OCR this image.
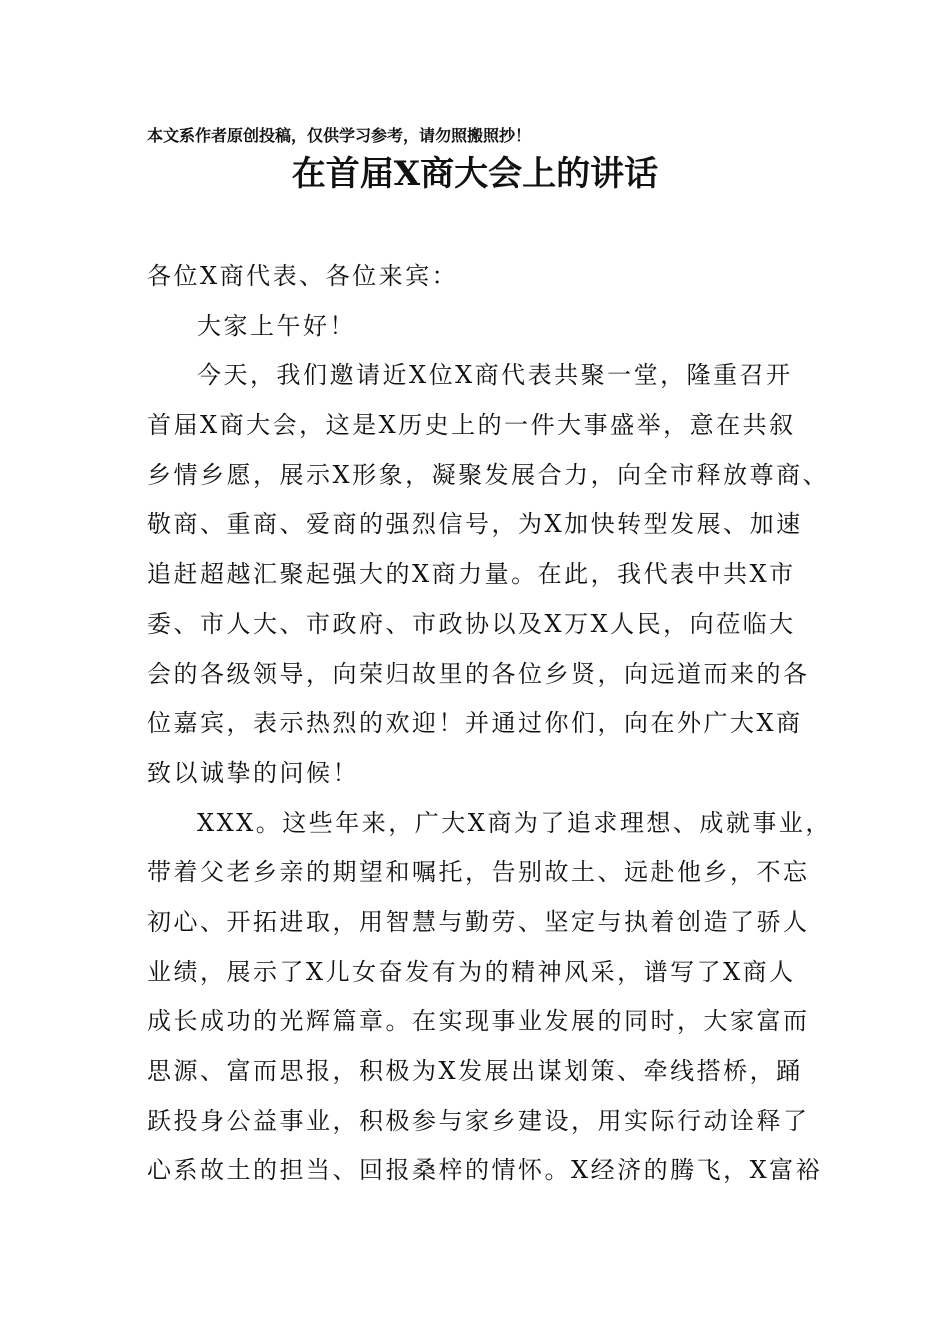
本文系作者原创投稿，仅供学习参考，请勿照搬照抄！
在首届X商大会上的讲话
各位X商代表、各位来宾：
大家上午好！
今天，我们邀请近X位X商代表共聚一堂，隆重召开
首届X商大会，这是X历史上的一件大事盛举，意在共叙
乡情乡愿，展示X形象，凝聚发展合力，向全市释放尊商、
敬商、重商、爱商的强烈信号，为X加快转型发展、加速
追赶超越汇聚起强大的X商力量。在此，我代表中共X市
委、市人大、市政府、市政协以及X万X人民，向莅临大
会的各级领导，向荣归故里的各位乡贤，向远道而来的各
位嘉宾，表示热烈的欢迎！并通过你们，向在外广大X商
致以诚挚的问候！
XXX。这些年来，广大X商为了追求理想、成就事业，
带着父老乡亲的期望和嘱托，告别故土、远赴他乡，不忘
初心、开拓进取，用智慧与勤劳、坚定与执着创造了骄人
业绩，展示了X儿女奋发有为的精神风采，谱写了X商人
成长成功的光辉篇章。在实现事业发展的同时，大家富而
思源、富而思报，积极为X发展出谋划策、牵线搭桥，踊
跃投身公益事业，积极参与家乡建设，用实际行动诠释了
心系故土的担当、回报桑梓的情怀。X经济的腾飞，X富裕
